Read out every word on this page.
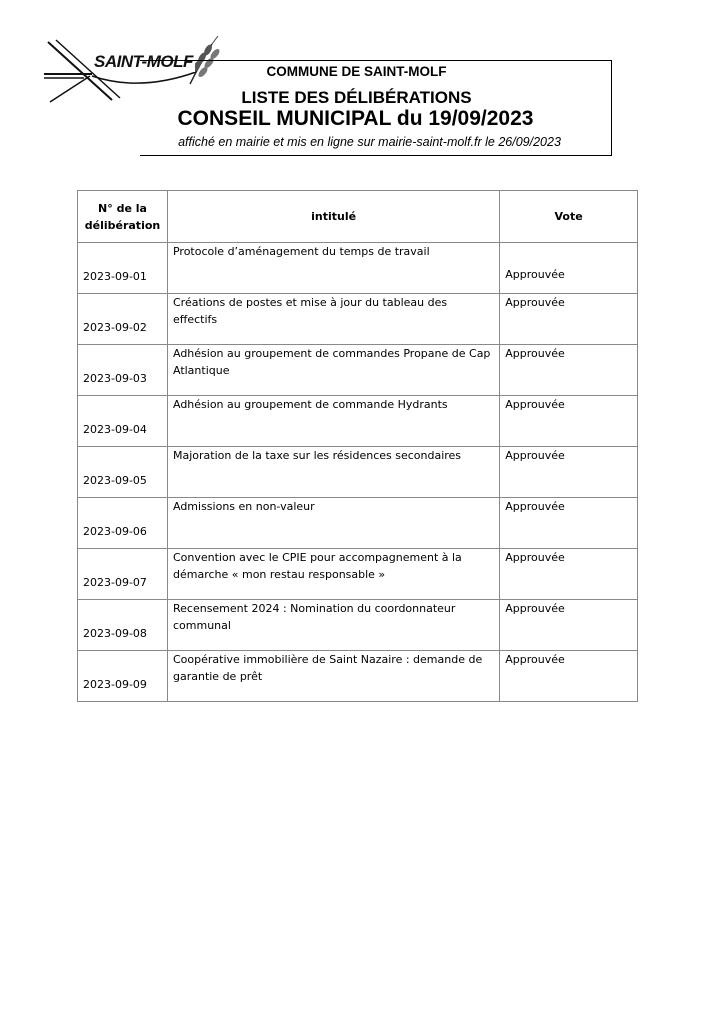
SAINT-MOLF
COMMUNE DE SAINT-MOLF
LISTE DES DÉLIBÉRATIONS
CONSEIL MUNICIPAL du 19/09/2023
affiché en mairie et mis en ligne sur mairie-saint-molf.fr le 26/09/2023
N° de la
délibération	intitulé	Vote
2023-09-01	Protocole d’aménagement du temps de travail	Approuvée
2023-09-02	Créations de postes et mise à jour du tableau des effectifs	Approuvée
2023-09-03	Adhésion au groupement de commandes Propane de Cap Atlantique	Approuvée
2023-09-04	Adhésion au groupement de commande Hydrants	Approuvée
2023-09-05	Majoration de la taxe sur les résidences secondaires	Approuvée
2023-09-06	Admissions en non-valeur	Approuvée
2023-09-07	Convention avec le CPIE pour accompagnement à la démarche « mon restau responsable »	Approuvée
2023-09-08	Recensement 2024 : Nomination du coordonnateur communal	Approuvée
2023-09-09	Coopérative immobilière de Saint Nazaire : demande de garantie de prêt	Approuvée
